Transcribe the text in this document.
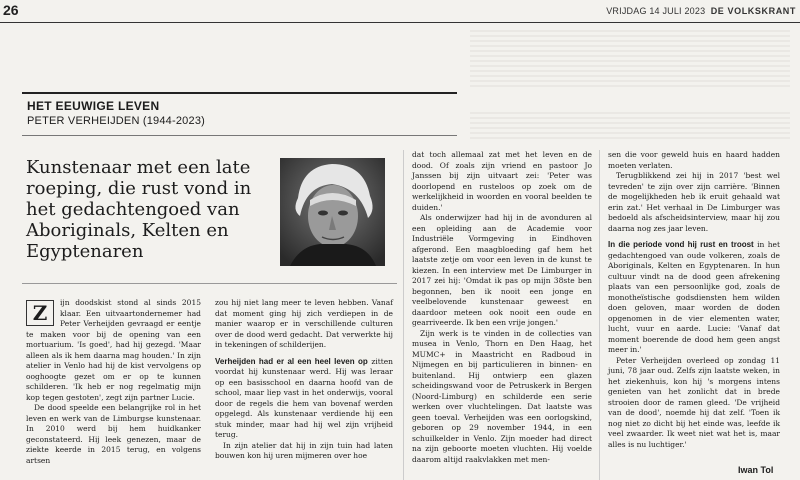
26	VRIJDAG 14 JULI 2023 DE VOLKSKRANT
HET EEUWIGE LEVEN
PETER VERHEIJDEN (1944-2023)
Kunstenaar met een late roeping, die rust vond in het gedachtengoed van Aboriginals, Kelten en Egyptenaren
Z	ijn doodskist stond al sinds 2015 klaar. Een uitvaartondernemer had Peter Verheijden gevraagd er eentje te maken voor bij de opening van een mortuarium. 'Is goed', had hij gezegd. 'Maar alleen als ik hem daarna mag houden.' In zijn atelier in Venlo had hij de kist vervolgens op ooghoogte gezet om er op te kunnen schilderen. 'Ik heb er nog regelmatig mijn kop tegen gestoten', zegt zijn partner Lucie.

De dood speelde een belangrijke rol in het leven en werk van de Limburgse kunstenaar. In 2010 werd bij hem huidkanker geconstateerd. Hij leek genezen, maar de ziekte keerde in 2015 terug, en volgens artsen

zou hij niet lang meer te leven hebben. Vanaf dat moment ging hij zich verdiepen in de manier waarop er in verschillende culturen over de dood werd gedacht. Dat verwerkte hij in tekeningen of schilderijen.

Verheijden had er al een heel leven op zitten voordat hij kunstenaar werd. Hij was leraar op een basisschool en daarna hoofd van de school, maar liep vast in het onderwijs, vooral door de regels die hem van bovenaf werden opgelegd. Als kunstenaar verdiende hij een stuk minder, maar had hij wel zijn vrijheid terug.

In zijn atelier dat hij in zijn tuin had laten bouwen kon hij uren mijmeren over hoe

dat toch allemaal zat met het leven en de dood. Of zoals zijn vriend en pastoor Jo Janssen bij zijn uitvaart zei: 'Peter was doorlopend en rusteloos op zoek om de werkelijkheid in woorden en vooral beelden te duiden.'

Als onderwijzer had hij in de avonduren al een opleiding aan de Academie voor Industriële Vormgeving in Eindhoven afgerond. Een maagbloeding gaf hem het laatste zetje om voor een leven in de kunst te kiezen. In een interview met De Limburger in 2017 zei hij: 'Omdat ik pas op mijn 38ste ben begonnen, ben ik nooit een jonge en veelbelovende kunstenaar geweest en daardoor meteen ook nooit een oude en gearriveerde. Ik ben een vrije jongen.'

Zijn werk is te vinden in de collecties van musea in Venlo, Thorn en Den Haag, het MUMC+ in Maastricht en Radboud in Nijmegen en bij particulieren in binnen- en buitenland. Hij ontwierp een glazen scheidingswand voor de Petruskerk in Bergen (Noord-Limburg) en schilderde een serie werken over vluchtelingen. Dat laatste was geen toeval. Verheijden was een oorlogskind, geboren op 29 november 1944, in een schuilkelder in Venlo. Zijn moeder had direct na zijn geboorte moeten vluchten. Hij voelde daarom altijd raakvlakken met men-

sen die voor geweld huis en haard hadden moeten verlaten.

Terugblikkend zei hij in 2017 'best wel tevreden' te zijn over zijn carrière. 'Binnen de mogelijkheden heb ik eruit gehaald wat erin zat.' Het verhaal in De Limburger was bedoeld als afscheidsinterview, maar hij zou daarna nog zes jaar leven.

In die periode vond hij rust en troost in het gedachtengoed van oude volkeren, zoals de Aboriginals, Kelten en Egyptenaren. In hun cultuur vindt na de dood geen afrekening plaats van een persoonlijke god, zoals de monotheïstische godsdiensten hem wilden doen geloven, maar worden de doden opgenomen in de vier elementen water, lucht, vuur en aarde. Lucie: 'Vanaf dat moment boerende de dood hem geen angst meer in.'

Peter Verheijden overleed op zondag 11 juni, 78 jaar oud. Zelfs zijn laatste weken, in het ziekenhuis, kon hij 's morgens intens genieten van het zonlicht dat in brede strooien door de ramen gleed. 'De vrijheid van de dood', noemde hij dat zelf. 'Toen ik nog niet zo dicht bij het einde was, leefde ik veel zwaarder. Ik weet niet wat het is, maar alles is nu luchtiger.'

Iwan Tol
